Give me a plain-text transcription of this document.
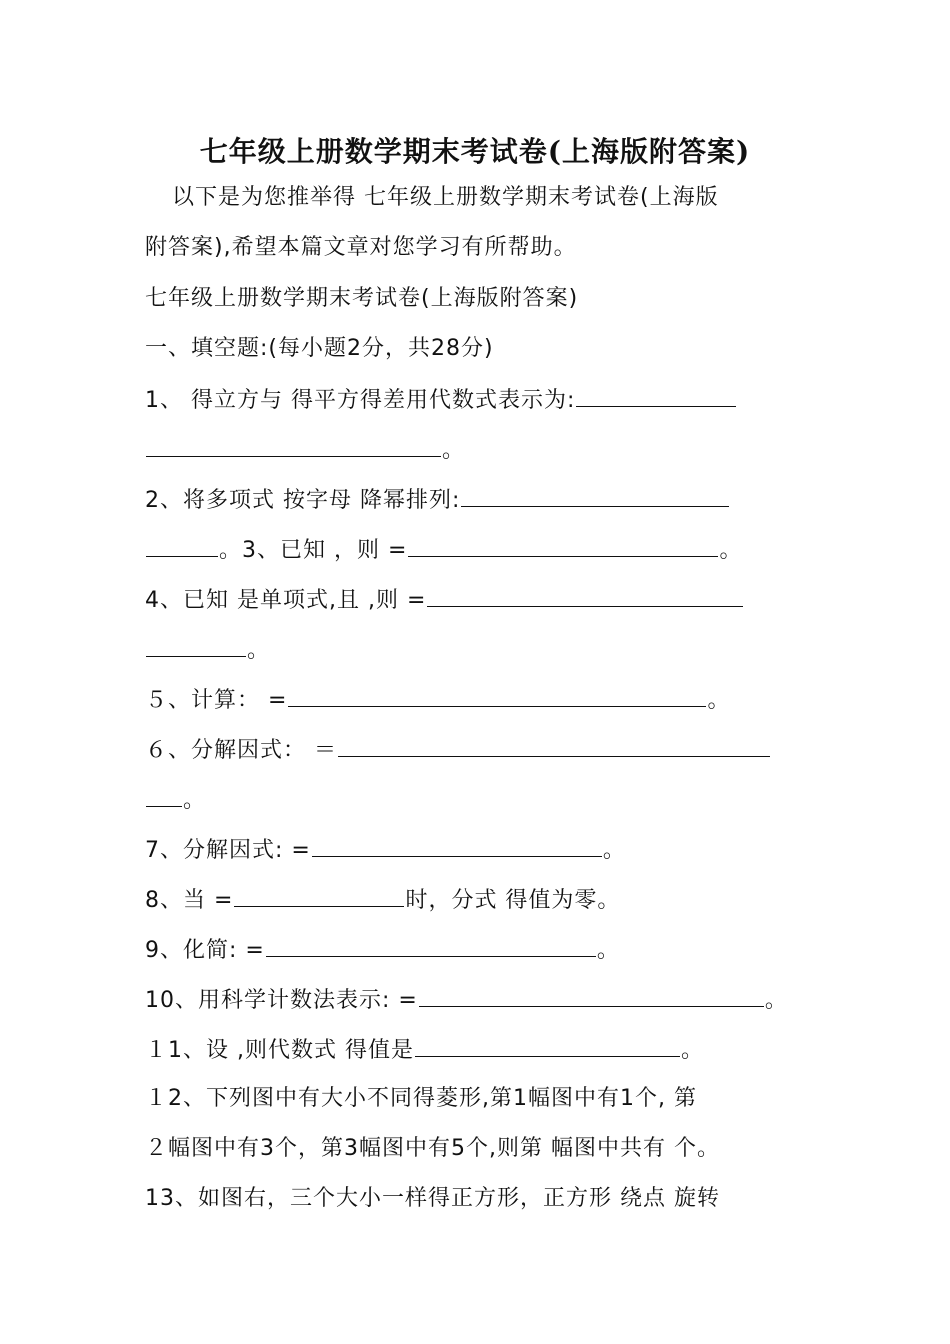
七年级上册数学期末考试卷(上海版附答案)
以下是为您推举得 七年级上册数学期末考试卷(上海版
附答案),希望本篇文章对您学习有所帮助。
七年级上册数学期末考试卷(上海版附答案)
一、填空题:(每小题2分，共28分)
1、 得立方与 得平方得差用代数式表示为:
。
2、将多项式 按字母 降幂排列:
。3、已知 ，则 =	。
4、已知 是单项式,且 ,则 =
。
５、计算： =	。
６、分解因式： ＝
。
7、分解因式: =	。
8、当 =	时，分式 得值为零。
9、化简: =	。
10、用科学计数法表示: =	。
１1、设 ,则代数式 得值是	。
１2、下列图中有大小不同得菱形,第1幅图中有1个, 第
２幅图中有3个，第3幅图中有5个,则第 幅图中共有 个。
13、如图右，三个大小一样得正方形，正方形 绕点 旋转
